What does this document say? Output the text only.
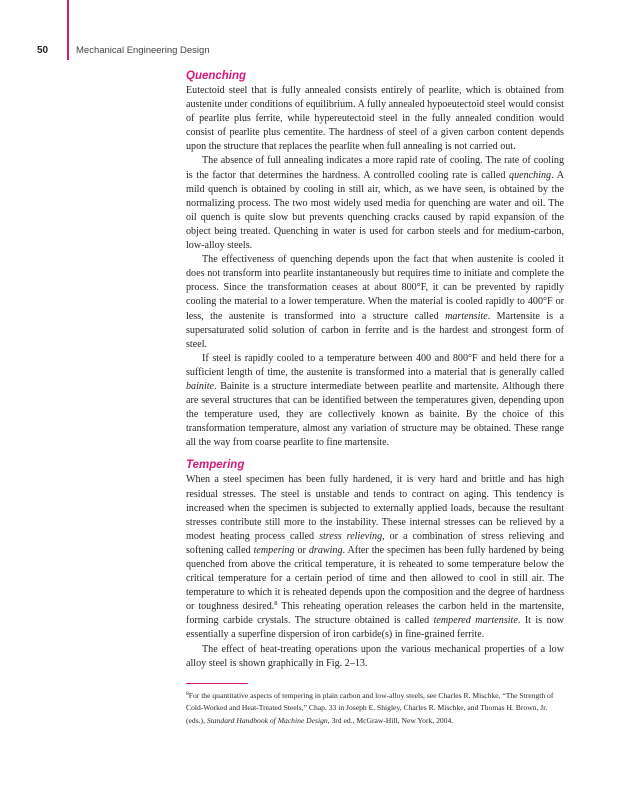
50	Mechanical Engineering Design
Quenching

Eutectoid steel that is fully annealed consists entirely of pearlite, which is obtained from austenite under conditions of equilibrium. A fully annealed hypoeutectoid steel would consist of pearlite plus ferrite, while hypereutectoid steel in the fully annealed condition would consist of pearlite plus cementite. The hardness of steel of a given carbon content depends upon the structure that replaces the pearlite when full annealing is not carried out.

The absence of full annealing indicates a more rapid rate of cooling. The rate of cooling is the factor that determines the hardness. A controlled cooling rate is called quenching. A mild quench is obtained by cooling in still air, which, as we have seen, is obtained by the normalizing process. The two most widely used media for quenching are water and oil. The oil quench is quite slow but prevents quenching cracks caused by rapid expansion of the object being treated. Quenching in water is used for carbon steels and for medium-carbon, low-alloy steels.

The effectiveness of quenching depends upon the fact that when austenite is cooled it does not transform into pearlite instantaneously but requires time to initiate and complete the process. Since the transformation ceases at about 800°F, it can be prevented by rapidly cooling the material to a lower temperature. When the material is cooled rapidly to 400°F or less, the austenite is transformed into a structure called martensite. Martensite is a supersaturated solid solution of carbon in ferrite and is the hardest and strongest form of steel.

If steel is rapidly cooled to a temperature between 400 and 800°F and held there for a sufficient length of time, the austenite is transformed into a material that is generally called bainite. Bainite is a structure intermediate between pearlite and martensite. Although there are several structures that can be identified between the temperatures given, depending upon the temperature used, they are collectively known as bainite. By the choice of this transformation temperature, almost any variation of structure may be obtained. These range all the way from coarse pearlite to fine martensite.

Tempering

When a steel specimen has been fully hardened, it is very hard and brittle and has high residual stresses. The steel is unstable and tends to contract on aging. This tendency is increased when the specimen is subjected to externally applied loads, because the resultant stresses contribute still more to the instability. These internal stresses can be relieved by a modest heating process called stress relieving, or a combination of stress relieving and softening called tempering or drawing. After the specimen has been fully hardened by being quenched from above the critical temperature, it is reheated to some temperature below the critical temperature for a certain period of time and then allowed to cool in still air. The temperature to which it is reheated depends upon the composition and the degree of hardness or toughness desired.$^8$ This reheating operation releases the carbon held in the martensite, forming carbide crystals. The structure obtained is called tempered martensite. It is now essentially a superfine dispersion of iron carbide(s) in fine-grained ferrite.

The effect of heat-treating operations upon the various mechanical properties of a low alloy steel is shown graphically in Fig. 2–13.

$^8$For the quantitative aspects of tempering in plain carbon and low-alloy steels, see Charles R. Mischke, “The Strength of Cold-Worked and Heat-Treated Steels,” Chap. 33 in Joseph E. Shigley, Charles R. Mischke, and Thomas H. Brown, Jr. (eds.), Standard Handbook of Machine Design, 3rd ed., McGraw-Hill, New York, 2004.
